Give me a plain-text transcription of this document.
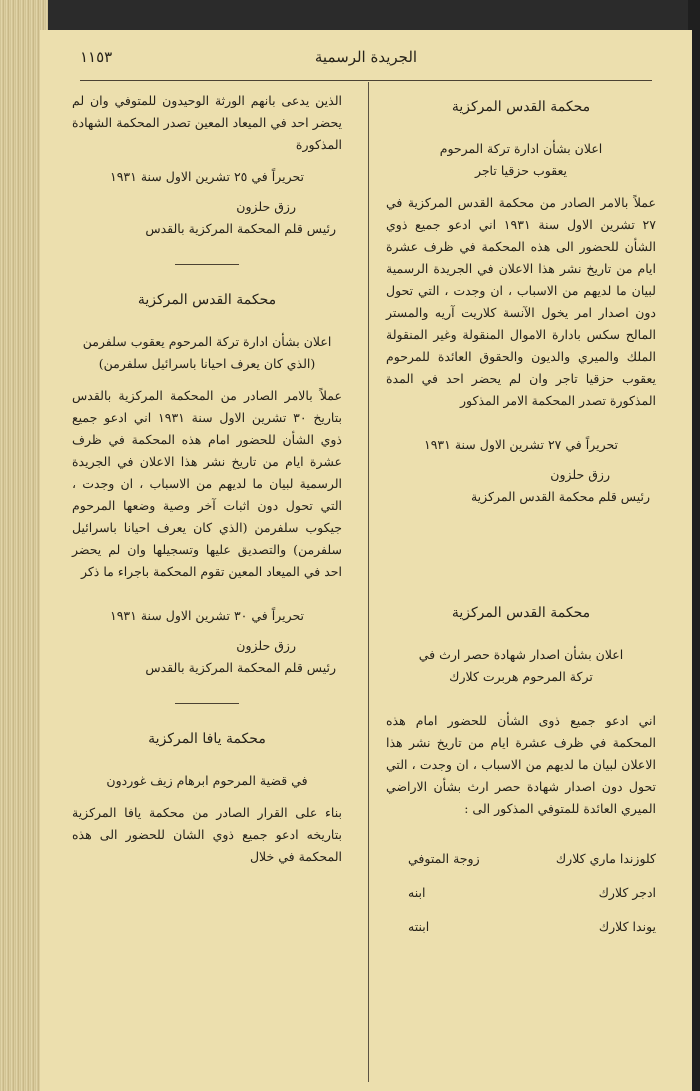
الجريدة الرسمية
١١٥٣
محكمة القدس المركزية

اعلان بشأن ادارة تركة المرحوم

يعقوب حزقيا تاجر

عملاً بالامر الصادر من محكمة القدس المركزية في ٢٧ تشرين الاول سنة ١٩٣١ اني ادعو جميع ذوي الشأن للحضور الى هذه المحكمة في ظرف عشرة ايام من تاريخ نشر هذا الاعلان في الجريدة الرسمية لبيان ما لديهم من الاسباب ، ان وجدت ، التي تحول دون اصدار امر يخول الآنسة كلاريت آريه والمستر المالح سكس بادارة الاموال المنقولة وغير المنقولة الملك والميري والديون والحقوق العائدة للمرحوم يعقوب حزقيا تاجر وان لم يحضر احد في المدة المذكورة تصدر المحكمة الامر المذكور

تحريراً في ٢٧ تشرين الاول سنة ١٩٣١

رزق حلزون

رئيس قلم محكمة القدس المركزية

محكمة القدس المركزية

اعلان بشأن اصدار شهادة حصر ارث في

تركة المرحوم هربرت كلارك

اني ادعو جميع ذوى الشأن للحضور امام هذه المحكمة في ظرف عشرة ايام من تاريخ نشر هذا الاعلان لبيان ما لديهم من الاسباب ، ان وجدت ، التي تحول دون اصدار شهادة حصر ارث بشأن الاراضي الميري العائدة للمتوفي المذكور الى :

كلوزندا ماري كلارك	زوجة المتوفي
ادجر كلارك	ابنه
يوندا كلارك	ابنته

الذين يدعى بانهم الورثة الوحيدون للمتوفي وان لم يحضر احد في الميعاد المعين تصدر المحكمة الشهادة المذكورة

تحريراً في ٢٥ تشرين الاول سنة ١٩٣١

رزق حلزون

رئيس قلم المحكمة المركزية بالقدس

محكمة القدس المركزية

اعلان بشأن ادارة تركة المرحوم يعقوب سلفرمن

(الذي كان يعرف احيانا باسرائيل سلفرمن)

عملاً بالامر الصادر من المحكمة المركزية بالقدس بتاريخ ٣٠ تشرين الاول سنة ١٩٣١ اني ادعو جميع ذوي الشأن للحضور امام هذه المحكمة في ظرف عشرة ايام من تاريخ نشر هذا الاعلان في الجريدة الرسمية لبيان ما لديهم من الاسباب ، ان وجدت ، التي تحول دون اثبات آخر وصية وضعها المرحوم جيكوب سلفرمن (الذي كان يعرف احيانا باسرائيل سلفرمن) والتصديق عليها وتسجيلها وان لم يحضر احد في الميعاد المعين تقوم المحكمة باجراء ما ذكر

تحريراً في ٣٠ تشرين الاول سنة ١٩٣١

رزق حلزون

رئيس قلم المحكمة المركزية بالقدس

محكمة يافا المركزية

في قضية المرحوم ابرهام زيف غوردون

بناء على القرار الصادر من محكمة يافا المركزية بتاريخه ادعو جميع ذوي الشان للحضور الى هذه المحكمة في خلال
